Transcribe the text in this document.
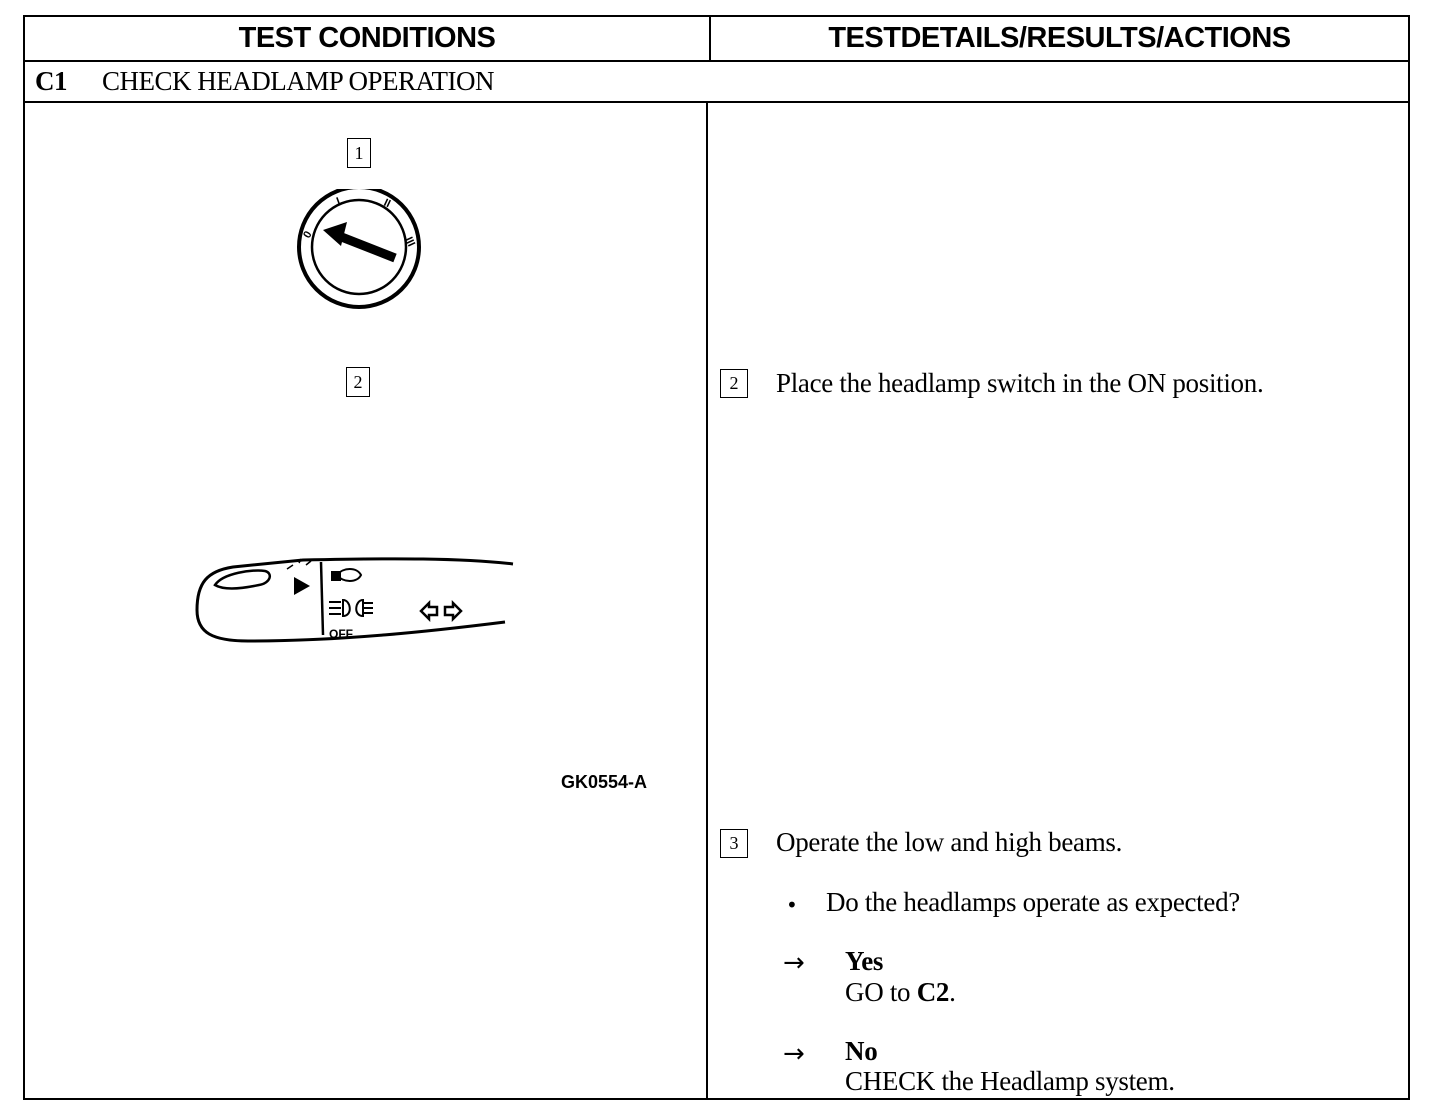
TEST CONDITIONS	TESTDETAILS/RESULTS/ACTIONS
C1	CHECK HEADLAMP OPERATION
1
0
I	II
III
2
OFF
GK0554-A
2	Place the headlamp switch in the ON position.
3	Operate the low and high beams.
• Do the headlamps operate as expected?
→ Yes
GO to C2.
→ No
CHECK the Headlamp system.
